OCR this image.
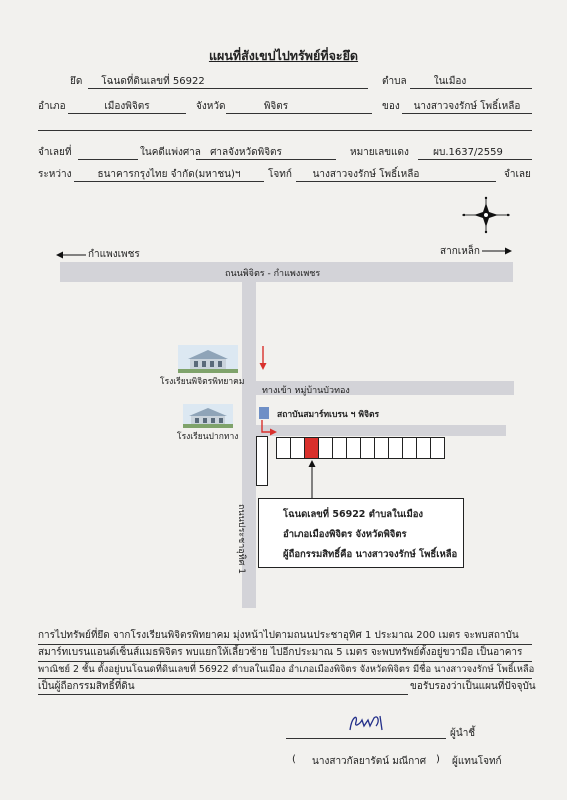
แผนที่สังเขปไปทรัพย์ที่จะยึด
ยึด	โฉนดที่ดินเลขที่ 56922	ตำบล	ในเมือง
อำเภอ	เมืองพิจิตร	จังหวัด	พิจิตร	ของ	นางสาวจงรักษ์ โพธิ์เหลือ
จำเลยที่	ในคดีแพ่งศาล ศาลจังหวัดพิจิตร	หมายเลขแดง	ผบ.1637/2559
ระหว่าง	ธนาคารกรุงไทย จำกัด(มหาชน)ฯ	โจทก์	นางสาวจงรักษ์ โพธิ์เหลือ	จำเลย
กำแพงเพชร	สากเหล็ก
ถนนพิจิตร - กำแพงเพชร
ถนนประชาอุทิศ 1
ทางเข้า หมู่บ้านบัวทอง
โรงเรียนพิจิตรพิทยาคม
โรงเรียนปากทาง
สถาบันสมาร์ทเบรน ฯ พิจิตร
โฉนดเลขที่ 56922 ตำบลในเมือง
อำเภอเมืองพิจิตร จังหวัดพิจิตร
ผู้ถือกรรมสิทธิ์คือ นางสาวจงรักษ์ โพธิ์เหลือ
การไปทรัพย์ที่ยึด จากโรงเรียนพิจิตรพิทยาคม มุ่งหน้าไปตามถนนประชาอุทิศ 1 ประมาณ 200 เมตร จะพบสถาบัน
สมาร์ทเบรนแอนด์เซ็นส์แมธพิจิตร พบแยกให้เลี้ยวซ้าย ไปอีกประมาณ 5 เมตร จะพบทรัพย์ตั้งอยู่ขวามือ เป็นอาคาร
พาณิชย์ 2 ชั้น ตั้งอยู่บนโฉนดที่ดินเลขที่ 56922 ตำบลในเมือง อำเภอเมืองพิจิตร จังหวัดพิจิตร มีชื่อ นางสาวจงรักษ์ โพธิ์เหลือ
เป็นผู้ถือกรรมสิทธิ์ที่ดิน	ขอรับรองว่าเป็นแผนที่ปัจจุบัน
ผู้นำชี้
( นางสาวกัลยารัตน์ มณีกาศ ) ผู้แทนโจทก์
